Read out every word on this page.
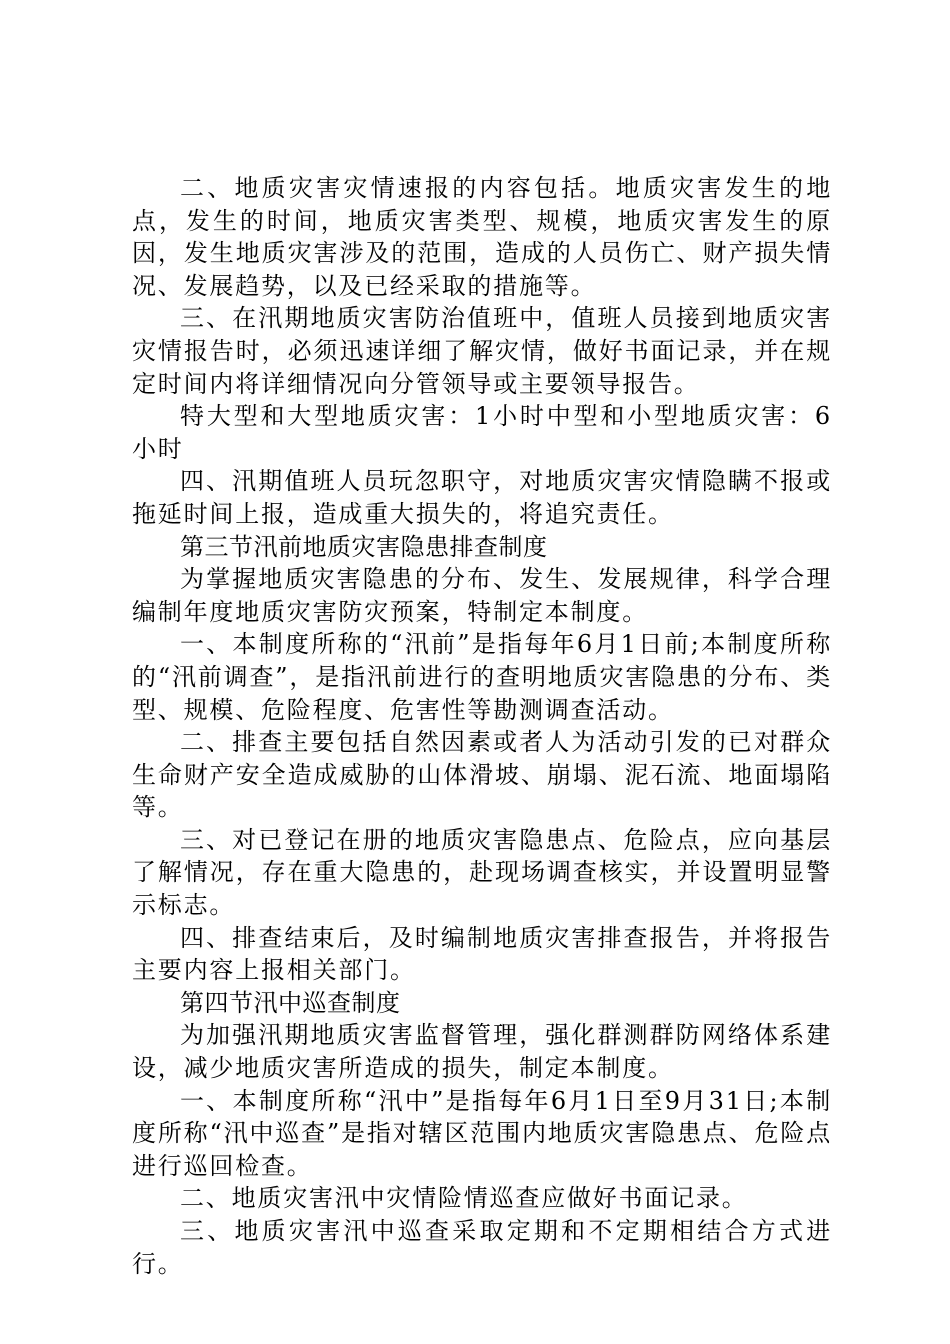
二、地质灾害灾情速报的内容包括。地质灾害发生的地点，发生的时间，地质灾害类型、规模，地质灾害发生的原因，发生地质灾害涉及的范围，造成的人员伤亡、财产损失情况、发展趋势，以及已经采取的措施等。

三、在汛期地质灾害防治值班中，值班人员接到地质灾害灾情报告时，必须迅速详细了解灾情，做好书面记录，并在规定时间内将详细情况向分管领导或主要领导报告。

特大型和大型地质灾害：1小时中型和小型地质灾害：6小时

四、汛期值班人员玩忽职守，对地质灾害灾情隐瞒不报或拖延时间上报，造成重大损失的，将追究责任。

第三节汛前地质灾害隐患排查制度

为掌握地质灾害隐患的分布、发生、发展规律，科学合理编制年度地质灾害防灾预案，特制定本制度。

一、本制度所称的“汛前”是指每年6月1日前;本制度所称的“汛前调查”，是指汛前进行的查明地质灾害隐患的分布、类型、规模、危险程度、危害性等勘测调查活动。

二、排查主要包括自然因素或者人为活动引发的已对群众生命财产安全造成威胁的山体滑坡、崩塌、泥石流、地面塌陷等。

三、对已登记在册的地质灾害隐患点、危险点，应向基层了解情况，存在重大隐患的，赴现场调查核实，并设置明显警示标志。

四、排查结束后，及时编制地质灾害排查报告，并将报告主要内容上报相关部门。

第四节汛中巡查制度

为加强汛期地质灾害监督管理，强化群测群防网络体系建设，减少地质灾害所造成的损失，制定本制度。

一、本制度所称“汛中”是指每年6月1日至9月31日;本制度所称“汛中巡查”是指对辖区范围内地质灾害隐患点、危险点进行巡回检查。

二、地质灾害汛中灾情险情巡查应做好书面记录。

三、地质灾害汛中巡查采取定期和不定期相结合方式进行。
